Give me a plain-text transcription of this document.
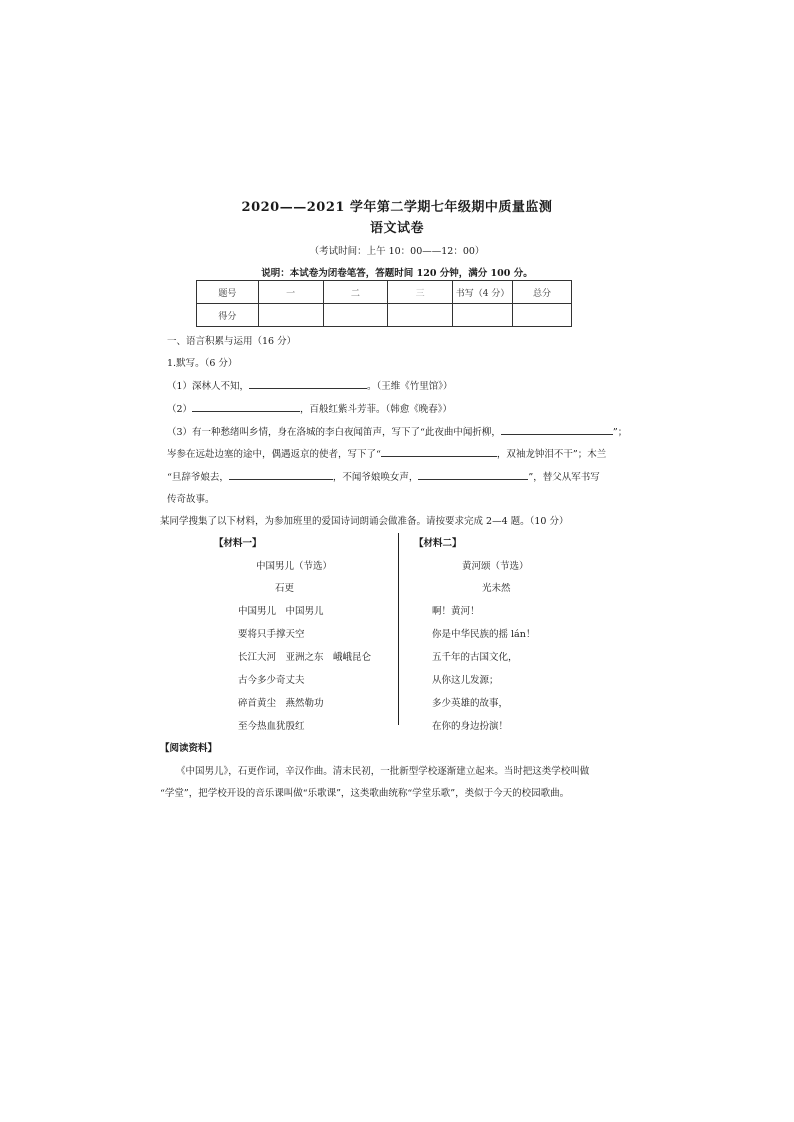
2020——2021 学年第二学期七年级期中质量监测
语文试卷
（考试时间：上午 10：00——12：00）
说明：本试卷为闭卷笔答，答题时间 120 分钟，满分 100 分。
题号	一	二	三	书写（4 分）	总分
得分					
一、语言积累与运用（16 分）
1.默写。（6 分）
（1）深林人不知，	。（王维《竹里馆》）
（2）	，百般红紫斗芳菲。（韩愈《晚春》）
（3）有一种愁绪叫乡情，身在洛城的李白夜闻笛声，写下了“此夜曲中闻折柳，	”；
岑参在远赴边塞的途中，偶遇返京的使者，写下了“	，双袖龙钟泪不干”；木兰
“旦辞爷娘去，	，不闻爷娘唤女声，	”，替父从军书写
传奇故事。
某同学搜集了以下材料，为参加班里的爱国诗词朗诵会做准备。请按要求完成 2—4 题。（10 分）
【材料一】
中国男儿（节选）
石更
中国男儿　中国男儿
要将只手撑天空
长江大河　亚洲之东　峨峨昆仑
古今多少奇丈夫
碎首黄尘　燕然勒功
至今热血犹殷红
【材料二】
黄河颂（节选）
光未然
啊！黄河！
你是中华民族的摇 lán！
五千年的古国文化，
从你这儿发源；
多少英雄的故事，
在你的身边扮演！
【阅读资料】
《中国男儿》，石更作词，辛汉作曲。清末民初，一批新型学校逐渐建立起来。当时把这类学校叫做
“学堂”，把学校开设的音乐课叫做“乐歌课”，这类歌曲统称“学堂乐歌”，类似于今天的校园歌曲。
